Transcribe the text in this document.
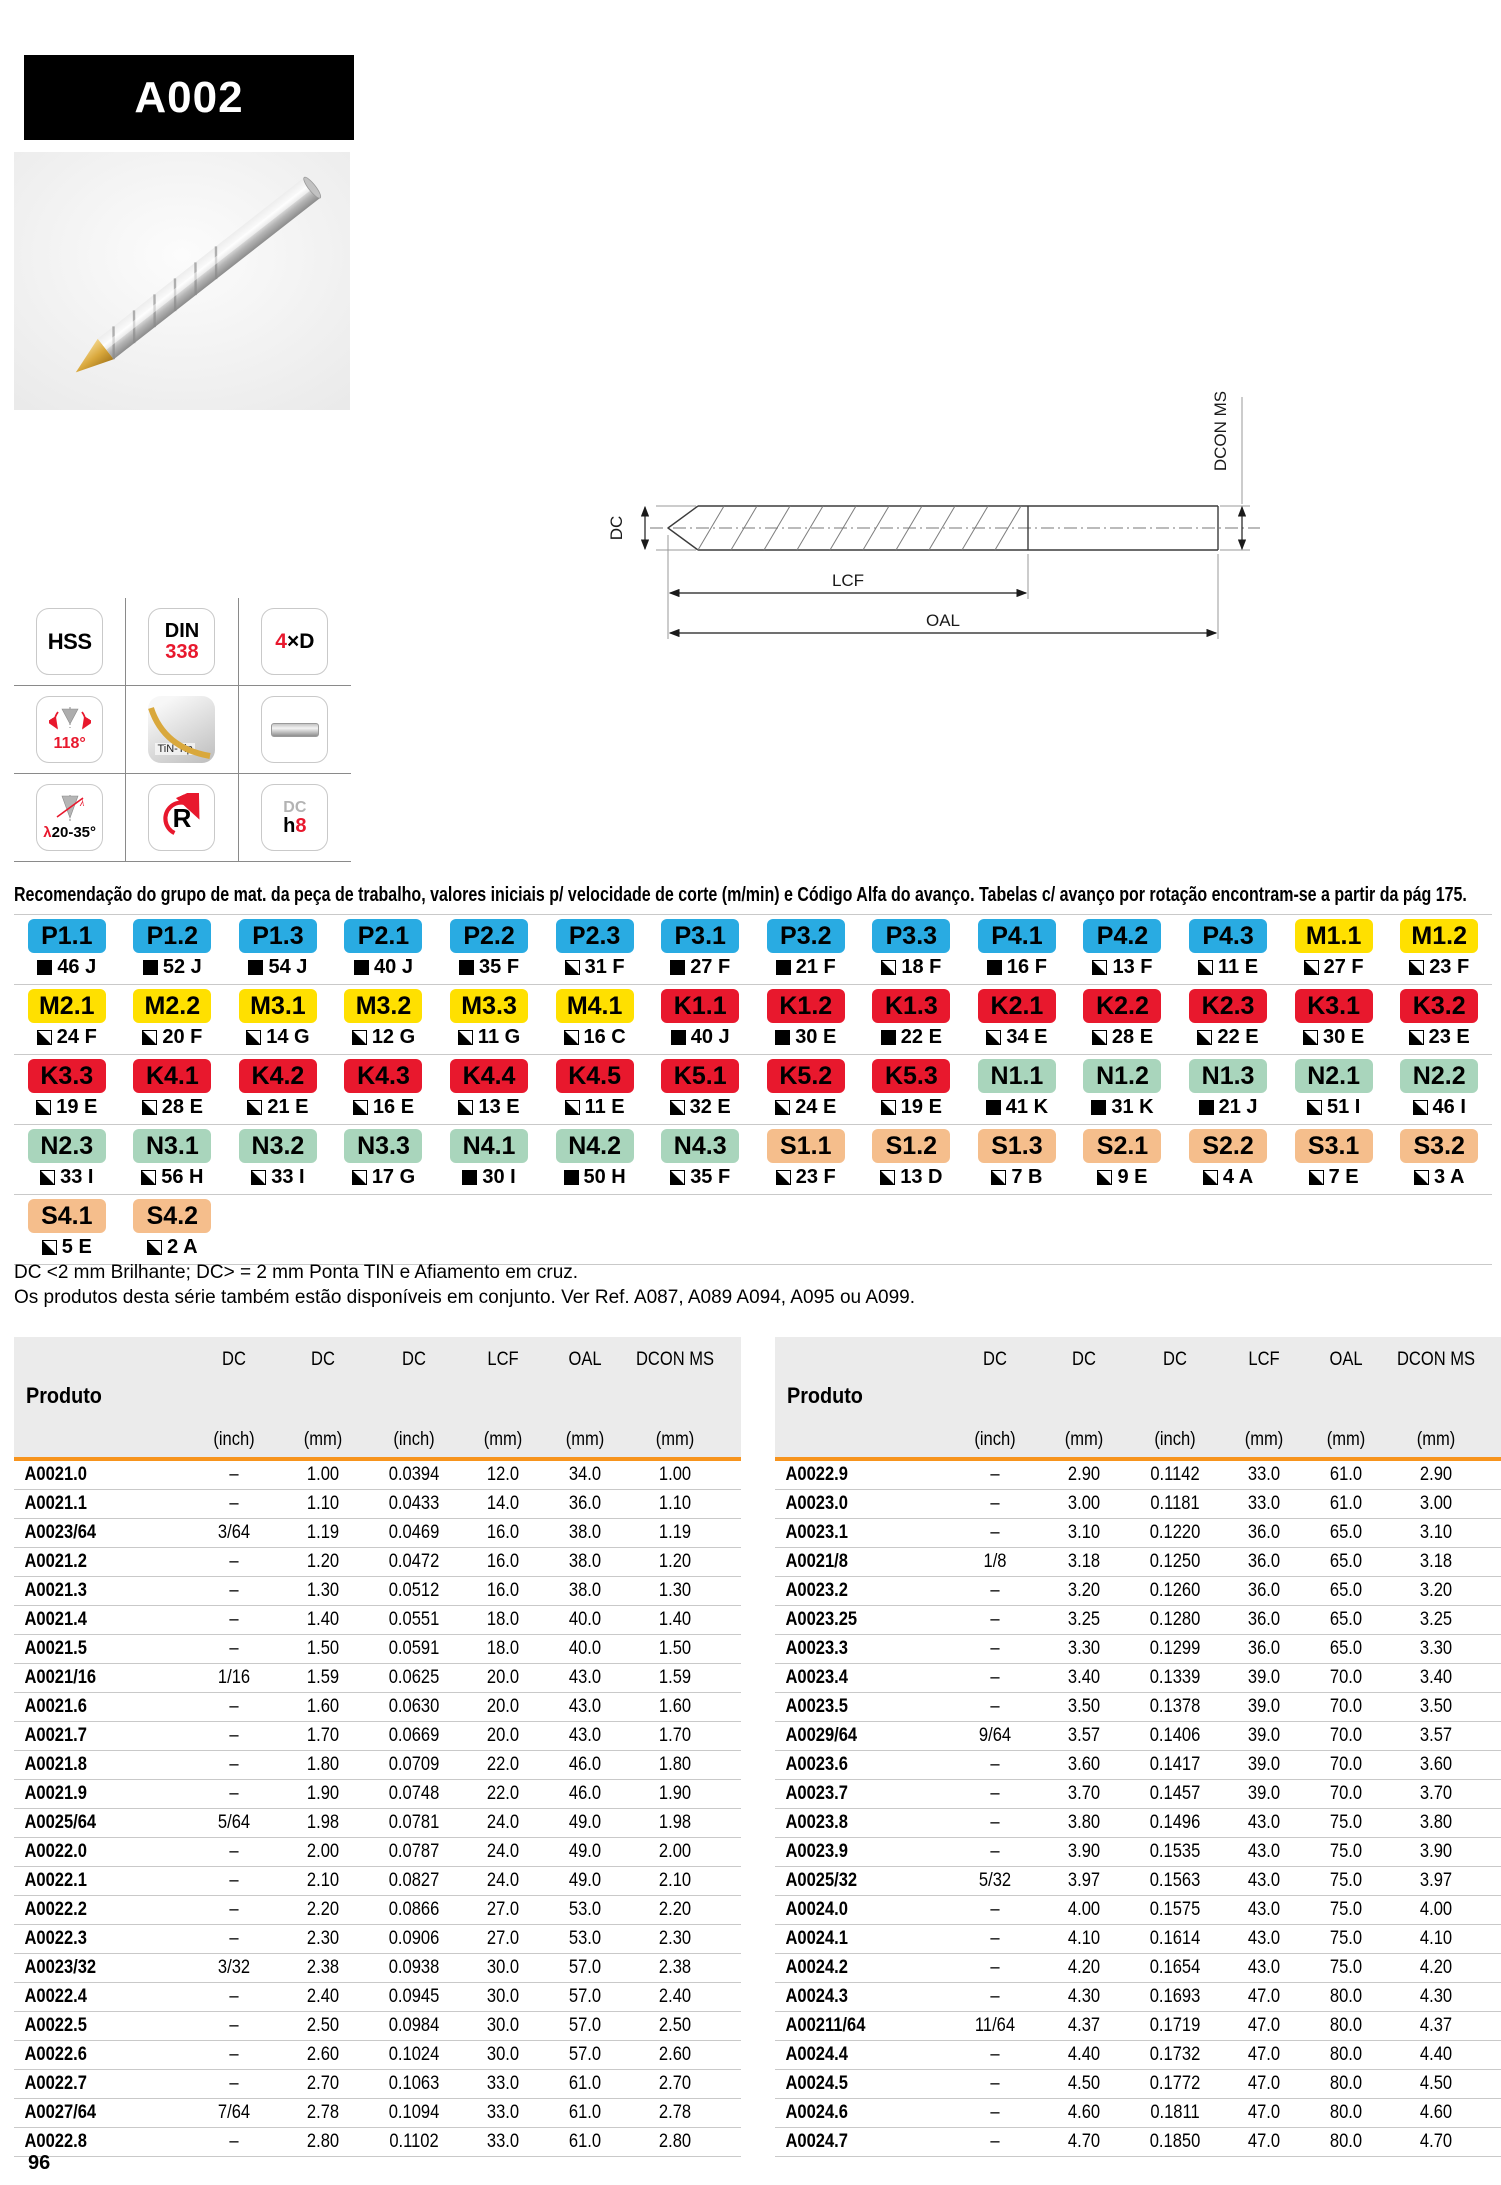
A002
DC
LCF
OAL
DCON MS
HSS	DIN
338	4×D
118°	TiN-Tip
λ
λ20-35°	R	DC
h8
Recomendação do grupo de mat. da peça de trabalho, valores iniciais p/ velocidade de corte (m/min) e Código Alfa do avanço. Tabelas c/ avanço por rotação encontram-se a partir da pág 175.
P1.1
46 J
P1.2
52 J
P1.3
54 J
P2.1
40 J
P2.2
35 F
P2.3
31 F
P3.1
27 F
P3.2
21 F
P3.3
18 F
P4.1
16 F
P4.2
13 F
P4.3
11 E
M1.1
27 F
M1.2
23 F
M2.1
24 F
M2.2
20 F
M3.1
14 G
M3.2
12 G
M3.3
11 G
M4.1
16 C
K1.1
40 J
K1.2
30 E
K1.3
22 E
K2.1
34 E
K2.2
28 E
K2.3
22 E
K3.1
30 E
K3.2
23 E
K3.3
19 E
K4.1
28 E
K4.2
21 E
K4.3
16 E
K4.4
13 E
K4.5
11 E
K5.1
32 E
K5.2
24 E
K5.3
19 E
N1.1
41 K
N1.2
31 K
N1.3
21 J
N2.1
51 I
N2.2
46 I
N2.3
33 I
N3.1
56 H
N3.2
33 I
N3.3
17 G
N4.1
30 I
N4.2
50 H
N4.3
35 F
S1.1
23 F
S1.2
13 D
S1.3
7 B
S2.1
9 E
S2.2
4 A
S3.1
7 E
S3.2
3 A
S4.1
5 E
S4.2
2 A
DC <2 mm Brilhante; DC> = 2 mm Ponta TIN e Afiamento em cruz.
Os produtos desta série também estão disponíveis em conjunto. Ver Ref. A087, A089 A094, A095 ou A099.
Produto
DC	DC	DC	LCF	OAL	DCON MS
(inch)	(mm)	(inch)	(mm)	(mm)	(mm)
A0021.0	–	1.00	0.0394	12.0	34.0	1.00
A0021.1	–	1.10	0.0433	14.0	36.0	1.10
A0023/64	3/64	1.19	0.0469	16.0	38.0	1.19
A0021.2	–	1.20	0.0472	16.0	38.0	1.20
A0021.3	–	1.30	0.0512	16.0	38.0	1.30
A0021.4	–	1.40	0.0551	18.0	40.0	1.40
A0021.5	–	1.50	0.0591	18.0	40.0	1.50
A0021/16	1/16	1.59	0.0625	20.0	43.0	1.59
A0021.6	–	1.60	0.0630	20.0	43.0	1.60
A0021.7	–	1.70	0.0669	20.0	43.0	1.70
A0021.8	–	1.80	0.0709	22.0	46.0	1.80
A0021.9	–	1.90	0.0748	22.0	46.0	1.90
A0025/64	5/64	1.98	0.0781	24.0	49.0	1.98
A0022.0	–	2.00	0.0787	24.0	49.0	2.00
A0022.1	–	2.10	0.0827	24.0	49.0	2.10
A0022.2	–	2.20	0.0866	27.0	53.0	2.20
A0022.3	–	2.30	0.0906	27.0	53.0	2.30
A0023/32	3/32	2.38	0.0938	30.0	57.0	2.38
A0022.4	–	2.40	0.0945	30.0	57.0	2.40
A0022.5	–	2.50	0.0984	30.0	57.0	2.50
A0022.6	–	2.60	0.1024	30.0	57.0	2.60
A0022.7	–	2.70	0.1063	33.0	61.0	2.70
A0027/64	7/64	2.78	0.1094	33.0	61.0	2.78
A0022.8	–	2.80	0.1102	33.0	61.0	2.80
Produto
DC	DC	DC	LCF	OAL	DCON MS
(inch)	(mm)	(inch)	(mm)	(mm)	(mm)
A0022.9	–	2.90	0.1142	33.0	61.0	2.90
A0023.0	–	3.00	0.1181	33.0	61.0	3.00
A0023.1	–	3.10	0.1220	36.0	65.0	3.10
A0021/8	1/8	3.18	0.1250	36.0	65.0	3.18
A0023.2	–	3.20	0.1260	36.0	65.0	3.20
A0023.25	–	3.25	0.1280	36.0	65.0	3.25
A0023.3	–	3.30	0.1299	36.0	65.0	3.30
A0023.4	–	3.40	0.1339	39.0	70.0	3.40
A0023.5	–	3.50	0.1378	39.0	70.0	3.50
A0029/64	9/64	3.57	0.1406	39.0	70.0	3.57
A0023.6	–	3.60	0.1417	39.0	70.0	3.60
A0023.7	–	3.70	0.1457	39.0	70.0	3.70
A0023.8	–	3.80	0.1496	43.0	75.0	3.80
A0023.9	–	3.90	0.1535	43.0	75.0	3.90
A0025/32	5/32	3.97	0.1563	43.0	75.0	3.97
A0024.0	–	4.00	0.1575	43.0	75.0	4.00
A0024.1	–	4.10	0.1614	43.0	75.0	4.10
A0024.2	–	4.20	0.1654	43.0	75.0	4.20
A0024.3	–	4.30	0.1693	47.0	80.0	4.30
A00211/64	11/64	4.37	0.1719	47.0	80.0	4.37
A0024.4	–	4.40	0.1732	47.0	80.0	4.40
A0024.5	–	4.50	0.1772	47.0	80.0	4.50
A0024.6	–	4.60	0.1811	47.0	80.0	4.60
A0024.7	–	4.70	0.1850	47.0	80.0	4.70
96
